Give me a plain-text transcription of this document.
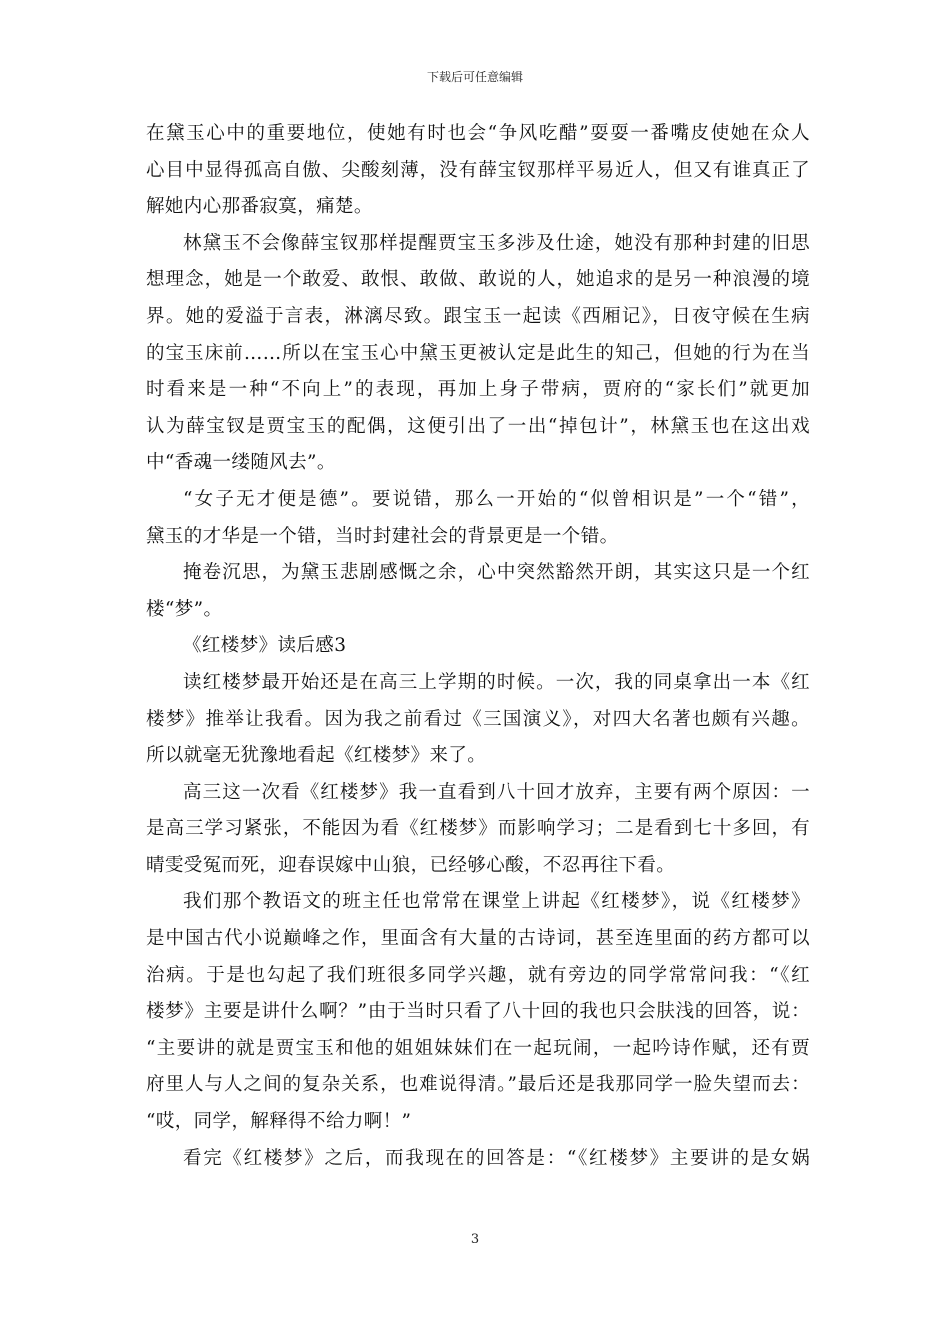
下载后可任意编辑
在黛玉心中的重要地位，使她有时也会“争风吃醋”耍耍一番嘴皮使她在众人
心目中显得孤高自傲、尖酸刻薄，没有薛宝钗那样平易近人，但又有谁真正了
解她内心那番寂寞，痛楚。
林黛玉不会像薛宝钗那样提醒贾宝玉多涉及仕途，她没有那种封建的旧思
想理念，她是一个敢爱、敢恨、敢做、敢说的人，她追求的是另一种浪漫的境
界。她的爱溢于言表，淋漓尽致。跟宝玉一起读《西厢记》，日夜守候在生病
的宝玉床前……所以在宝玉心中黛玉更被认定是此生的知己，但她的行为在当
时看来是一种“不向上”的表现，再加上身子带病，贾府的“家长们”就更加
认为薛宝钗是贾宝玉的配偶，这便引出了一出“掉包计”，林黛玉也在这出戏
中“香魂一缕随风去”。
“女子无才便是德”。要说错，那么一开始的“似曾相识是”一个“错”，
黛玉的才华是一个错，当时封建社会的背景更是一个错。
掩卷沉思，为黛玉悲剧感慨之余，心中突然豁然开朗，其实这只是一个红
楼“梦”。
《红楼梦》读后感3
读红楼梦最开始还是在高三上学期的时候。一次，我的同桌拿出一本《红
楼梦》推举让我看。因为我之前看过《三国演义》，对四大名著也颇有兴趣。
所以就毫无犹豫地看起《红楼梦》来了。
高三这一次看《红楼梦》我一直看到八十回才放弃，主要有两个原因：一
是高三学习紧张，不能因为看《红楼梦》而影响学习；二是看到七十多回，有
晴雯受冤而死，迎春误嫁中山狼，已经够心酸，不忍再往下看。
我们那个教语文的班主任也常常在课堂上讲起《红楼梦》，说《红楼梦》
是中国古代小说巅峰之作，里面含有大量的古诗词，甚至连里面的药方都可以
治病。于是也勾起了我们班很多同学兴趣，就有旁边的同学常常问我：“《红
楼梦》主要是讲什么啊？”由于当时只看了八十回的我也只会肤浅的回答，说：
“主要讲的就是贾宝玉和他的姐姐妹妹们在一起玩闹，一起吟诗作赋，还有贾
府里人与人之间的复杂关系，也难说得清。”最后还是我那同学一脸失望而去：
“哎，同学，解释得不给力啊！”
看完《红楼梦》之后，而我现在的回答是：“《红楼梦》主要讲的是女娲
3
